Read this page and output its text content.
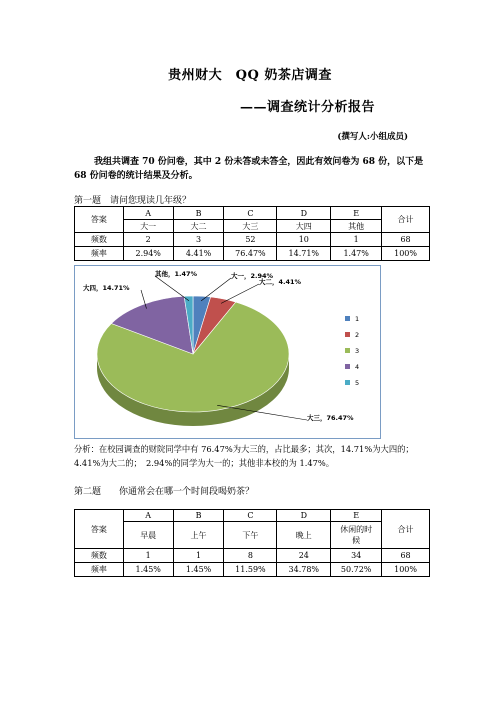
贵州财大　QQ 奶茶店调查
——调查统计分析报告
(撰写人:小组成员)
我组共调查 70 份问卷，其中 2 份未答或未答全，因此有效问卷为 68 份，以下是 68 份问卷的统计结果及分析。
第一题　请问您现读几年级？
答案	A	B	C	D	E	合计
	大一	大二	大三	大四	其他	
频数	2	3	52	10	1	68
频率	2.94%	4.41%	76.47%	14.71%	1.47%	100%
大一，2.94%
大二，4.41%
大三，76.47%
大四，14.71%
其他，1.47%
1
2
3
4
5
分析：在校园调查的财院同学中有 76.47%为大三的，占比最多；其次，14.71%为大四的；4.41%为大二的；　2.94%的同学为大一的；其他非本校的为 1.47%。
第二题　　你通常会在哪一个时间段喝奶茶？
答案	A	B	C	D	E	合计
	早晨	上午	下午	晚上	休闲的时候	
频数	1	1	8	24	34	68
频率	1.45%	1.45%	11.59%	34.78%	50.72%	100%
